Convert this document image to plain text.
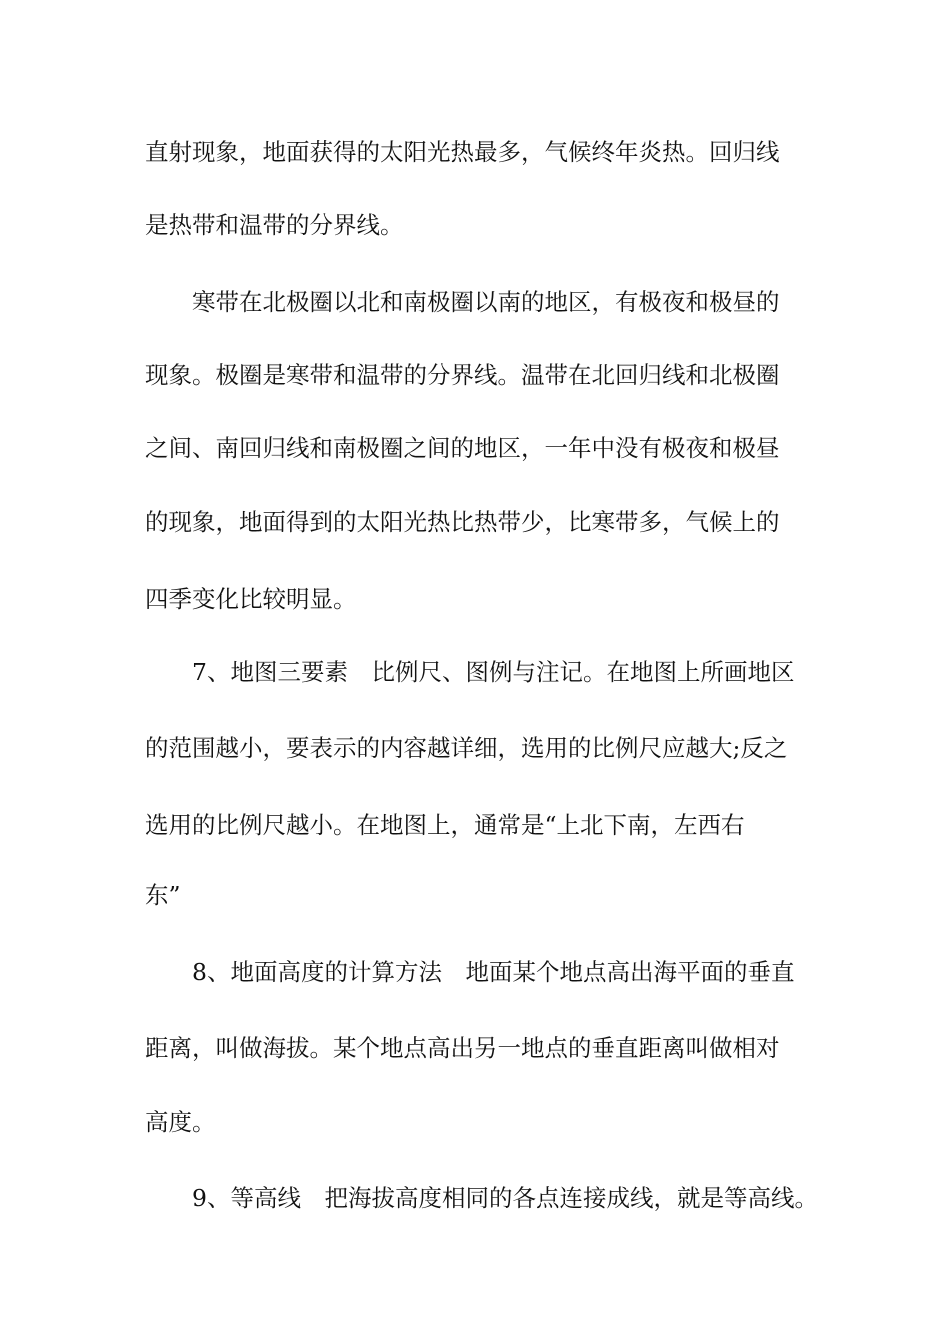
直射现象，地面获得的太阳光热最多，气候终年炎热。回归线
是热带和温带的分界线。
　　寒带在北极圈以北和南极圈以南的地区，有极夜和极昼的
现象。极圈是寒带和温带的分界线。温带在北回归线和北极圈
之间、南回归线和南极圈之间的地区，一年中没有极夜和极昼
的现象，地面得到的太阳光热比热带少，比寒带多，气候上的
四季变化比较明显。
　　7、地图三要素　比例尺、图例与注记。在地图上所画地区
的范围越小，要表示的内容越详细，选用的比例尺应越大;反之
选用的比例尺越小。在地图上，通常是“上北下南，左西右
东”
　　8、地面高度的计算方法　地面某个地点高出海平面的垂直
距离，叫做海拔。某个地点高出另一地点的垂直距离叫做相对
高度。
　　9、等高线　把海拔高度相同的各点连接成线，就是等高线。
